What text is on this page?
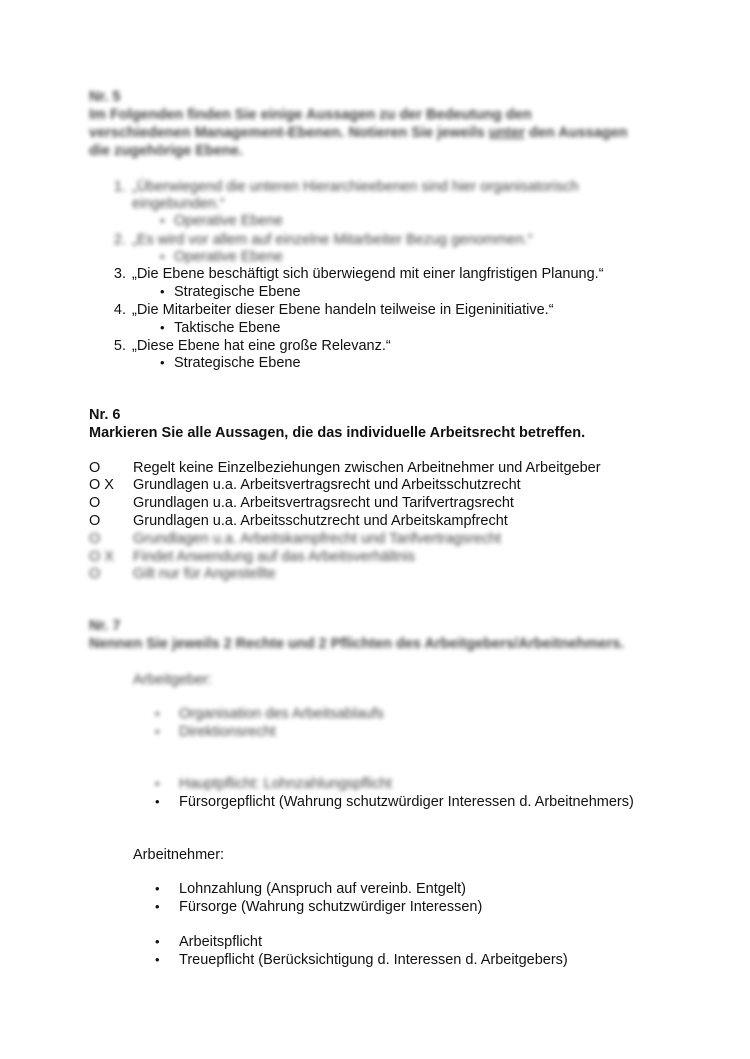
Nr. 5
Im Folgenden finden Sie einige Aussagen zu der Bedeutung den
verschiedenen Management-Ebenen. Notieren Sie jeweils unter den Aussagen
die zugehörige Ebene.
1. „Überwiegend die unteren Hierarchieebenen sind hier organisatorisch
eingebunden.“
• Operative Ebene
2. „Es wird vor allem auf einzelne Mitarbeiter Bezug genommen.“
• Operative Ebene
3. „Die Ebene beschäftigt sich überwiegend mit einer langfristigen Planung.“
• Strategische Ebene
4. „Die Mitarbeiter dieser Ebene handeln teilweise in Eigeninitiative.“
• Taktische Ebene
5. „Diese Ebene hat eine große Relevanz.“
• Strategische Ebene
Nr. 6
Markieren Sie alle Aussagen, die das individuelle Arbeitsrecht betreffen.
O Regelt keine Einzelbeziehungen zwischen Arbeitnehmer und Arbeitgeber
O X Grundlagen u.a. Arbeitsvertragsrecht und Arbeitsschutzrecht
O Grundlagen u.a. Arbeitsvertragsrecht und Tarifvertragsrecht
O Grundlagen u.a. Arbeitsschutzrecht und Arbeitskampfrecht
O Grundlagen u.a. Arbeitskampfrecht und Tarifvertragsrecht
O X Findet Anwendung auf das Arbeitsverhältnis
O Gilt nur für Angestellte
Nr. 7
Nennen Sie jeweils 2 Rechte und 2 Pflichten des Arbeitgebers/Arbeitnehmers.
Arbeitgeber:
• Organisation des Arbeitsablaufs
• Direktionsrecht
• Hauptpflicht: Lohnzahlungspflicht
• Fürsorgepflicht (Wahrung schutzwürdiger Interessen d. Arbeitnehmers)
Arbeitnehmer:
• Lohnzahlung (Anspruch auf vereinb. Entgelt)
• Fürsorge (Wahrung schutzwürdiger Interessen)
• Arbeitspflicht
• Treuepflicht (Berücksichtigung d. Interessen d. Arbeitgebers)
